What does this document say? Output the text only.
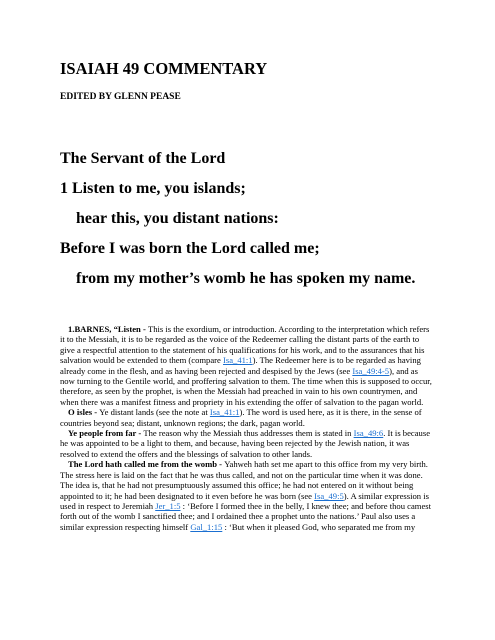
ISAIAH 49 COMMENTARY
EDITED BY GLENN PEASE
The Servant of the Lord
1 Listen to me, you islands;
hear this, you distant nations:
Before I was born the Lord called me;
from my mother’s womb he has spoken my name.

1.BARNES, “Listen - This is the exordium, or introduction. According to the interpretation which refers it to the Messiah, it is to be regarded as the voice of the Redeemer calling the distant parts of the earth to give a respectful attention to the statement of his qualifications for his work, and to the assurances that his salvation would be extended to them (compare Isa_41:1). The Redeemer here is to be regarded as having already come in the flesh, and as having been rejected and despised by the Jews (see Isa_49:4-5), and as now turning to the Gentile world, and proffering salvation to them. The time when this is supposed to occur, therefore, as seen by the prophet, is when the Messiah had preached in vain to his own countrymen, and when there was a manifest fitness and propriety in his extending the offer of salvation to the pagan world.

O isles - Ye distant lands (see the note at Isa_41:1). The word is used here, as it is there, in the sense of countries beyond sea; distant, unknown regions; the dark, pagan world.

Ye people from far - The reason why the Messiah thus addresses them is stated in Isa_49:6. It is because he was appointed to be a light to them, and because, having been rejected by the Jewish nation, it was resolved to extend the offers and the blessings of salvation to other lands.

The Lord hath called me from the womb - Yahweh hath set me apart to this office from my very birth. The stress here is laid on the fact that he was thus called, and not on the particular time when it was done. The idea is, that he had not presumptuously assumed this office; he had not entered on it without being appointed to it; he had been designated to it even before he was born (see Isa_49:5). A similar expression is used in respect to Jeremiah Jer_1:5 : ‘Before I formed thee in the belly, I knew thee; and before thou camest forth out of the womb I sanctified thee; and I ordained thee a prophet unto the nations.’ Paul also uses a similar expression respecting himself Gal_1:15 : ‘But when it pleased God, who separated me from my
